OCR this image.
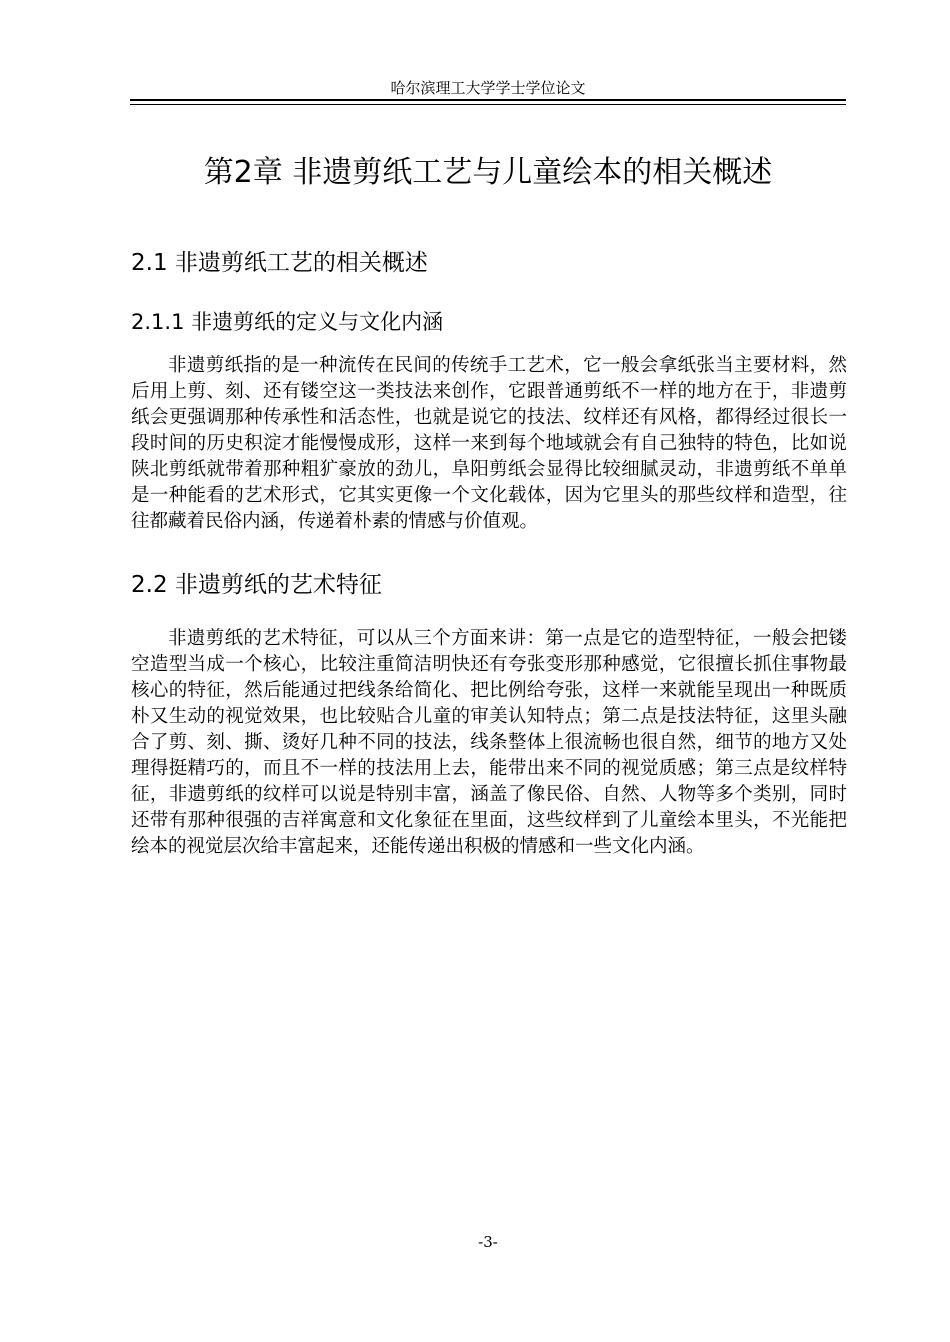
哈尔滨理工大学学士学位论文
第2章 非遗剪纸工艺与儿童绘本的相关概述
2.1 非遗剪纸工艺的相关概述
2.1.1 非遗剪纸的定义与文化内涵

非遗剪纸指的是一种流传在民间的传统手工艺术，它一般会拿纸张当主要材料，然后用上剪、刻、还有镂空这一类技法来创作，它跟普通剪纸不一样的地方在于，非遗剪纸会更强调那种传承性和活态性，也就是说它的技法、纹样还有风格，都得经过很长一段时间的历史积淀才能慢慢成形，这样一来到每个地域就会有自己独特的特色，比如说陕北剪纸就带着那种粗犷豪放的劲儿，阜阳剪纸会显得比较细腻灵动，非遗剪纸不单单是一种能看的艺术形式，它其实更像一个文化载体，因为它里头的那些纹样和造型，往往都藏着民俗内涵，传递着朴素的情感与价值观。

2.2 非遗剪纸的艺术特征

非遗剪纸的艺术特征，可以从三个方面来讲：第一点是它的造型特征，一般会把镂空造型当成一个核心，比较注重简洁明快还有夸张变形那种感觉，它很擅长抓住事物最核心的特征，然后能通过把线条给简化、把比例给夸张，这样一来就能呈现出一种既质朴又生动的视觉效果，也比较贴合儿童的审美认知特点；第二点是技法特征，这里头融合了剪、刻、撕、烫好几种不同的技法，线条整体上很流畅也很自然，细节的地方又处理得挺精巧的，而且不一样的技法用上去，能带出来不同的视觉质感；第三点是纹样特征，非遗剪纸的纹样可以说是特别丰富，涵盖了像民俗、自然、人物等多个类别，同时还带有那种很强的吉祥寓意和文化象征在里面，这些纹样到了儿童绘本里头，不光能把绘本的视觉层次给丰富起来，还能传递出积极的情感和一些文化内涵。

-3-
